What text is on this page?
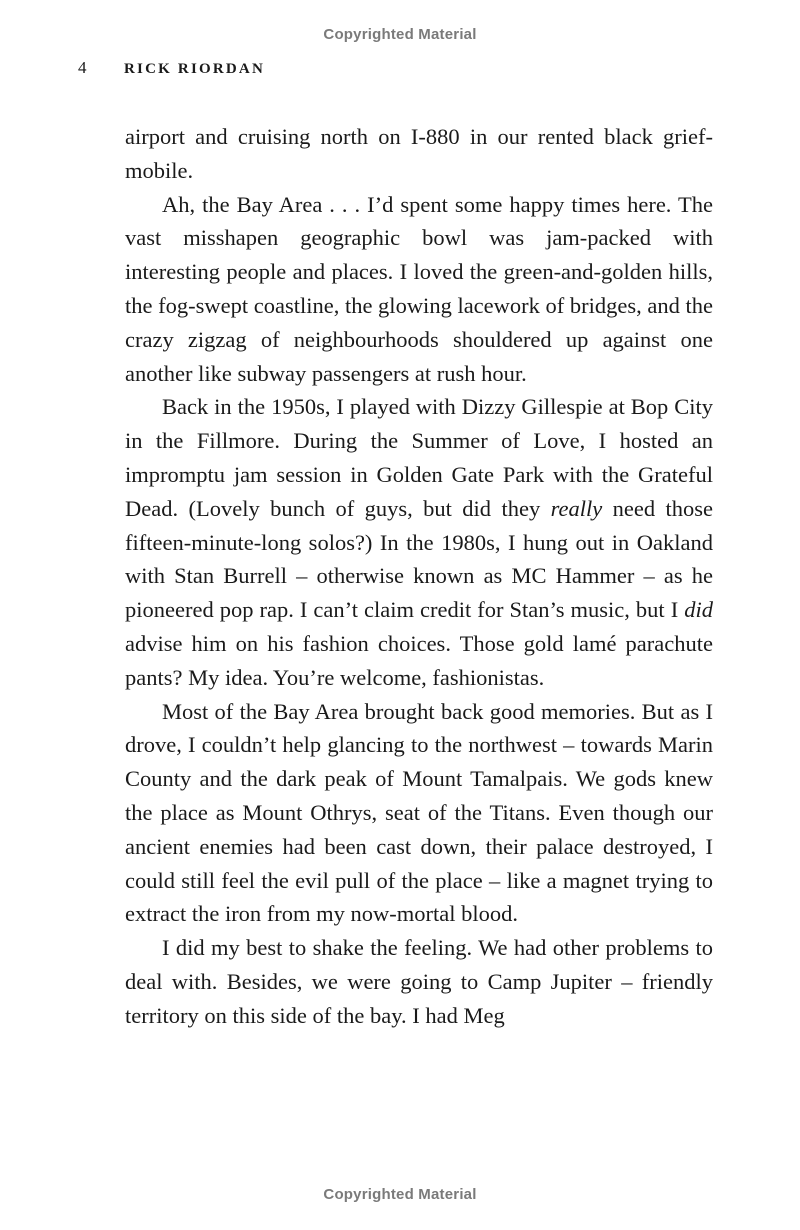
Copyrighted Material
4	RICK RIORDAN

airport and cruising north on I-880 in our rented black grief-mobile.

Ah, the Bay Area . . . I’d spent some happy times here. The vast misshapen geographic bowl was jam-packed with interesting people and places. I loved the green-and-golden hills, the fog-swept coastline, the glowing lacework of bridges, and the crazy zigzag of neighbourhoods shouldered up against one another like subway passengers at rush hour.

Back in the 1950s, I played with Dizzy Gillespie at Bop City in the Fillmore. During the Summer of Love, I hosted an impromptu jam session in Golden Gate Park with the Grateful Dead. (Lovely bunch of guys, but did they really need those fifteen-minute-long solos?) In the 1980s, I hung out in Oakland with Stan Burrell – otherwise known as MC Hammer – as he pioneered pop rap. I can’t claim credit for Stan’s music, but I did advise him on his fashion choices. Those gold lamé parachute pants? My idea. You’re welcome, fashionistas.

Most of the Bay Area brought back good memories. But as I drove, I couldn’t help glancing to the northwest – towards Marin County and the dark peak of Mount Tamalpais. We gods knew the place as Mount Othrys, seat of the Titans. Even though our ancient enemies had been cast down, their palace destroyed, I could still feel the evil pull of the place – like a magnet trying to extract the iron from my now-mortal blood.

I did my best to shake the feeling. We had other problems to deal with. Besides, we were going to Camp Jupiter – friendly territory on this side of the bay. I had Meg

Copyrighted Material
